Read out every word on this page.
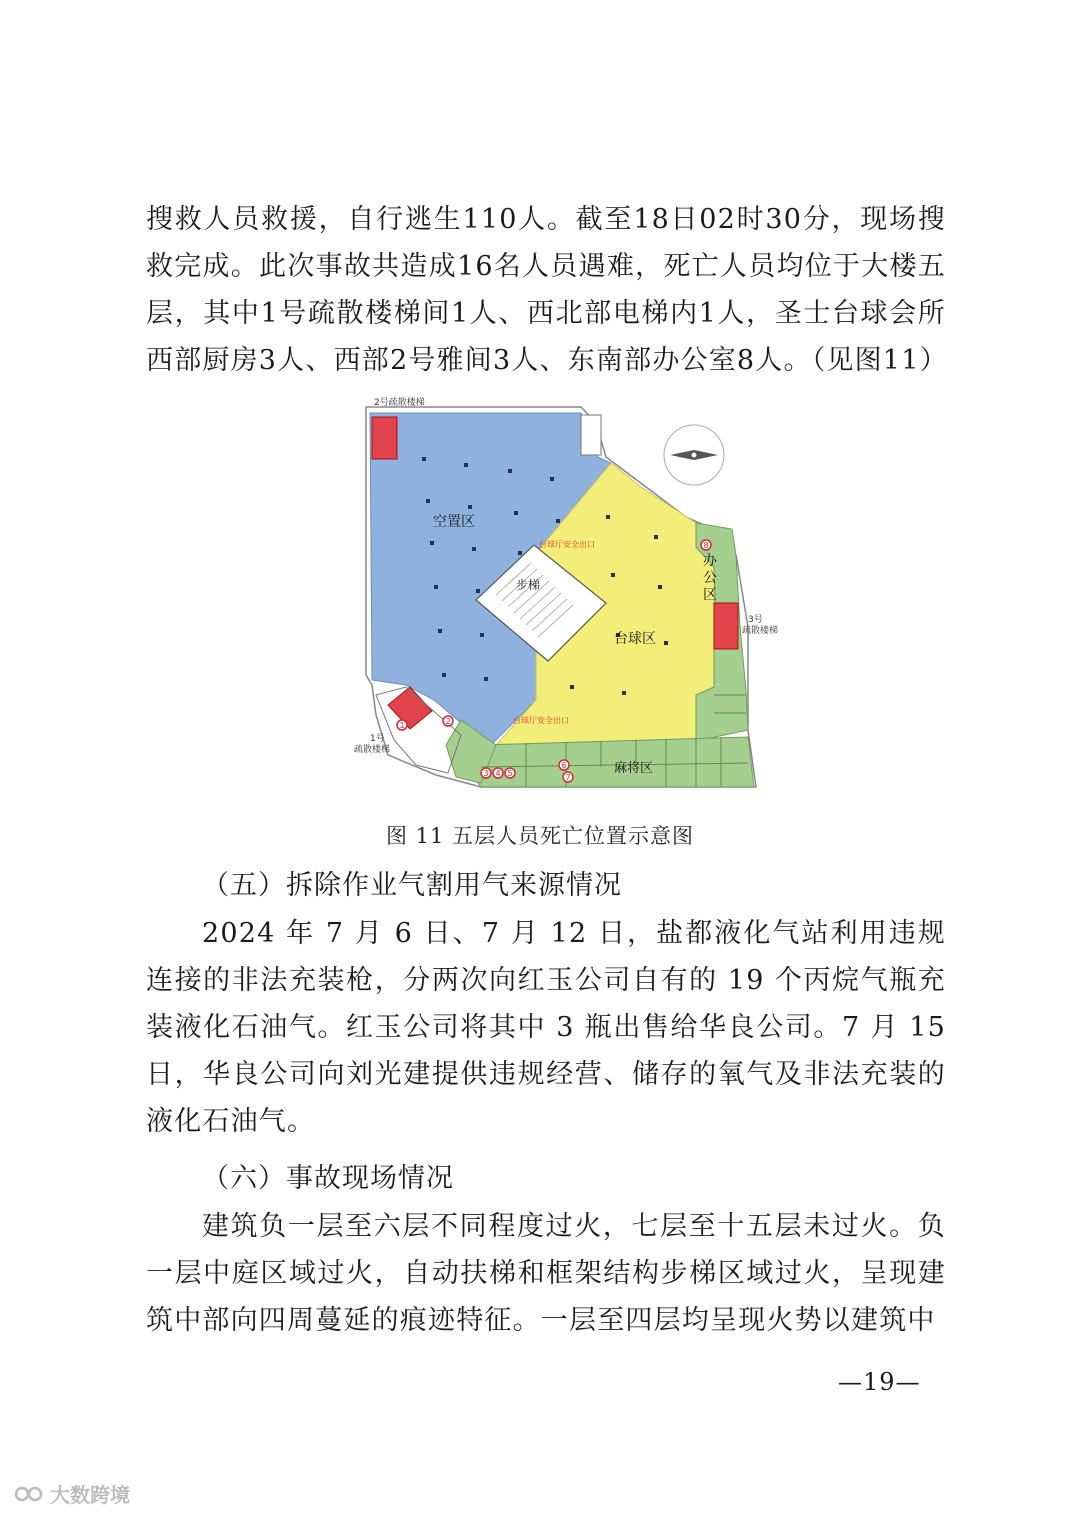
搜救人员救援，自行逃生110人。截至18日02时30分，现场搜救完成。此次事故共造成16名人员遇难，死亡人员均位于大楼五层，其中1号疏散楼梯间1人、西北部电梯内1人，圣士台球会所西部厨房3人、西部2号雅间3人、东南部办公室8人。（见图11）

1	2
3 4 5
6
7
8
空置区
台球区
麻将区
步梯
办
公
区
台球厅安全出口
台球厅安全出口
2号疏散楼梯
1号
疏散楼梯
3号
疏散楼梯
图 11 五层人员死亡位置示意图

（五）拆除作业气割用气来源情况

2024 年 7 月 6 日、7 月 12 日，盐都液化气站利用违规连接的非法充装枪，分两次向红玉公司自有的 19 个丙烷气瓶充装液化石油气。红玉公司将其中 3 瓶出售给华良公司。7 月 15 日，华良公司向刘光建提供违规经营、储存的氧气及非法充装的液化石油气。

（六）事故现场情况

建筑负一层至六层不同程度过火，七层至十五层未过火。负一层中庭区域过火，自动扶梯和框架结构步梯区域过火，呈现建筑中部向四周蔓延的痕迹特征。一层至四层均呈现火势以建筑中

—19—
大数跨境
